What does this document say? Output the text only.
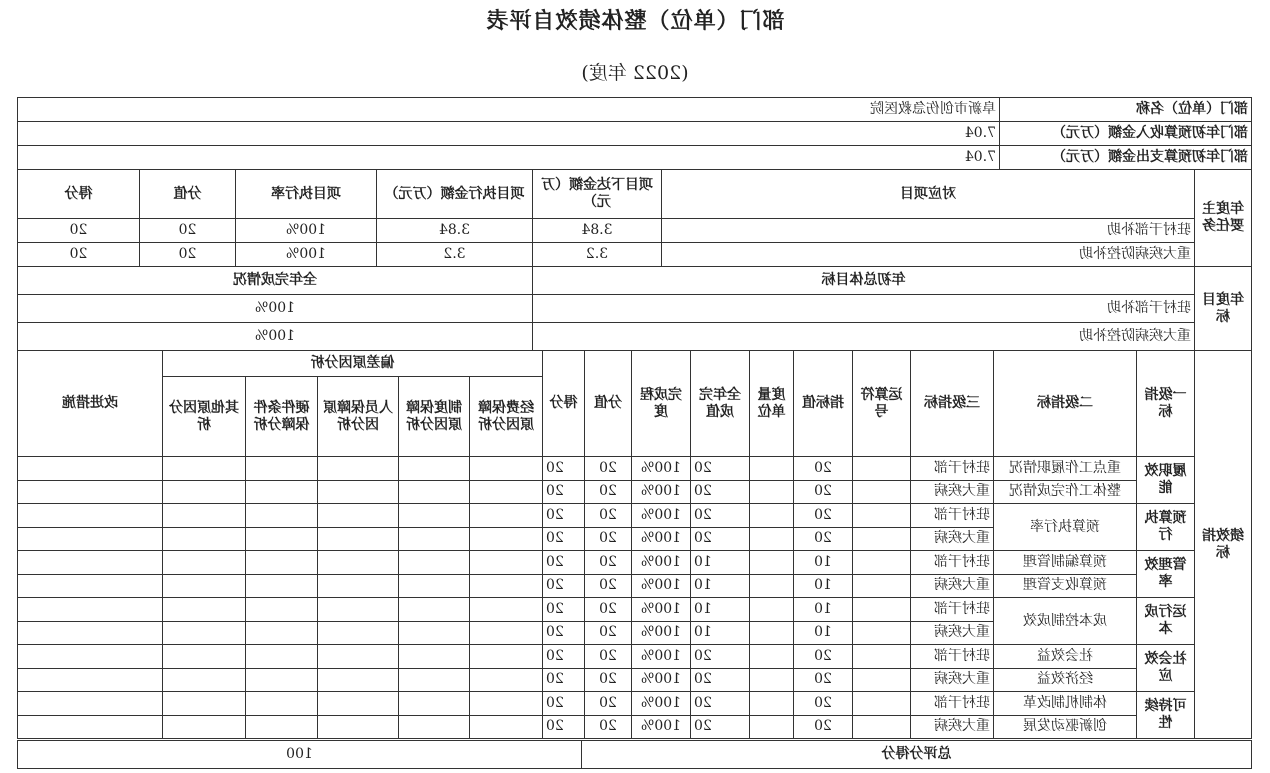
部门（单位）整体绩效自评表
(2022 年度)
部门（单位）名称	阜新市创伤急救医院
部门年初预算收入金额（万元）	7.04
部门年初预算支出金额（万元）	7.04
年度主要任务	对应项目	项目下达金额（万元）	项目执行金额（万元）	项目执行率	分值	得分
	驻村干部补助	3.84	3.84	100%	20	20
	重大疾病防控补助	3.2	3.2	100%	20	20
年度目标	年初总体目标	全年完成情况
	驻村干部补助	100%
	重大疾病防控补助	100%
绩效指标	一级指标	二级指标	三级指标	运算符号	指标值	度量单位	全年完成值	完成程度	分值	得分	偏差原因分析					改进措施
											经费保障原因分析	制度保障原因分析	人员保障原因分析	硬件条件保障分析	其他原因分析	
	履职效能	重点工作履职情况	驻村干部		20		20	100%	20	20						
		整体工作完成情况	重大疾病		20		20	100%	20	20						
	预算执行	预算执行率	驻村干部		20		20	100%	20	20						
			重大疾病		20		20	100%	20	20						
	管理效率	预算编制管理	驻村干部		10		10	100%	20	20						
		预算收支管理	重大疾病		10		10	100%	20	20						
	运行成本	成本控制成效	驻村干部		10		10	100%	20	20						
			重大疾病		10		10	100%	20	20						
	社会效应	社会效益	驻村干部		20		20	100%	20	20						
		经济效益	重大疾病		20		20	100%	20	20						
	可持续性	体制机制改革	驻村干部		20		20	100%	20	20						
		创新驱动发展	重大疾病		20		20	100%	20	20						
总评分得分	100
